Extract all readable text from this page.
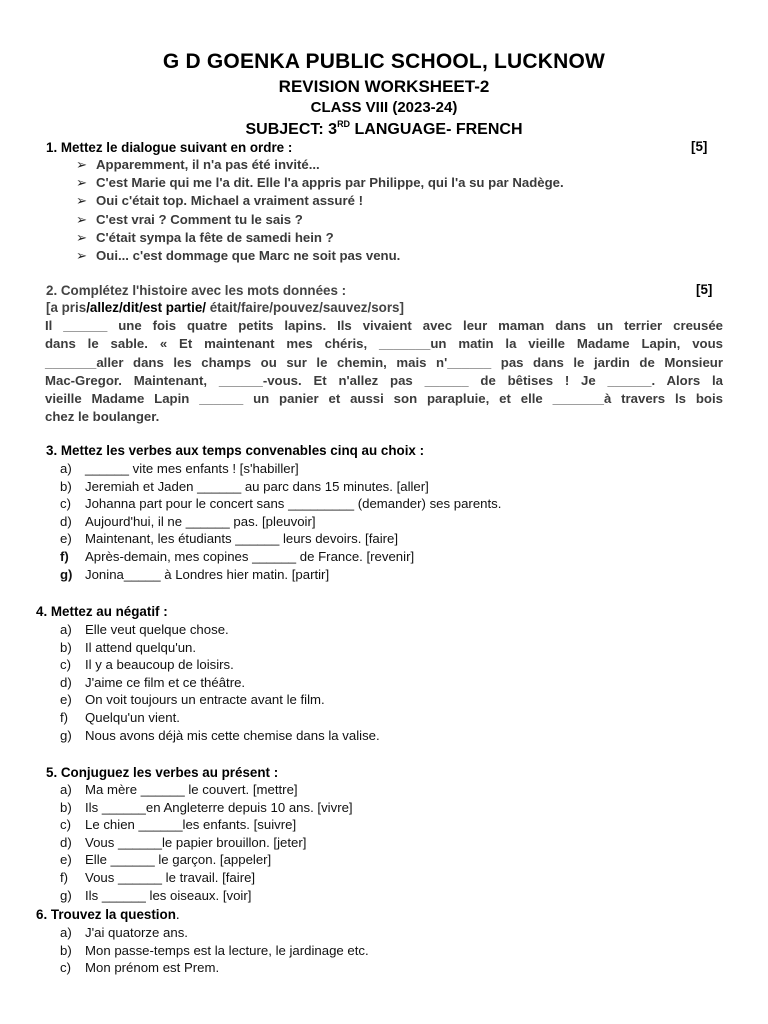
G D GOENKA PUBLIC SCHOOL, LUCKNOW
REVISION WORKSHEET-2
CLASS VIII (2023-24)
SUBJECT: 3RD LANGUAGE- FRENCH
1. Mettez le dialogue suivant en ordre :	[5]
➢ Apparemment, il n'a pas été invité...
➢ C'est Marie qui me l'a dit. Elle l'a appris par Philippe, qui l'a su par Nadège.
➢ Oui c'était top. Michael a vraiment assuré !
➢ C'est vrai ? Comment tu le sais ?
➢ C'était sympa la fête de samedi hein ?
➢ Oui... c'est dommage que Marc ne soit pas venu.
2. Complétez l'histoire avec les mots données :	[5]
[a pris/allez/dit/est partie/ était/faire/pouvez/sauvez/sors]
Il ______ une fois quatre petits lapins. Ils vivaient avec leur maman dans un terrier creusée
dans le sable. « Et maintenant mes chéris, _______un matin la vieille Madame Lapin, vous
_______aller dans les champs ou sur le chemin, mais n'______ pas dans le jardin de Monsieur
Mac-Gregor. Maintenant, ______-vous. Et n'allez pas ______ de bêtises ! Je ______. Alors la
vieille Madame Lapin ______ un panier et aussi son parapluie, et elle _______à travers ls bois
chez le boulanger.
3. Mettez les verbes aux temps convenables cinq au choix :
a) ______ vite mes enfants ! [s'habiller]
b) Jeremiah et Jaden ______ au parc dans 15 minutes. [aller]
c) Johanna part pour le concert sans _________ (demander) ses parents.
d) Aujourd'hui, il ne ______ pas. [pleuvoir]
e) Maintenant, les étudiants ______ leurs devoirs. [faire]
f) Après-demain, mes copines ______ de France. [revenir]
g) Jonina_____ à Londres hier matin. [partir]
4. Mettez au négatif :
a) Elle veut quelque chose.
b) Il attend quelqu'un.
c) Il y a beaucoup de loisirs.
d) J'aime ce film et ce théâtre.
e) On voit toujours un entracte avant le film.
f) Quelqu'un vient.
g) Nous avons déjà mis cette chemise dans la valise.
5. Conjuguez les verbes au présent :
a) Ma mère ______ le couvert. [mettre]
b) Ils ______en Angleterre depuis 10 ans. [vivre]
c) Le chien ______les enfants. [suivre]
d) Vous ______le papier brouillon. [jeter]
e) Elle ______ le garçon. [appeler]
f) Vous ______ le travail. [faire]
g) Ils ______ les oiseaux. [voir]
6. Trouvez la question.
a) J'ai quatorze ans.
b) Mon passe-temps est la lecture, le jardinage etc.
c) Mon prénom est Prem.
